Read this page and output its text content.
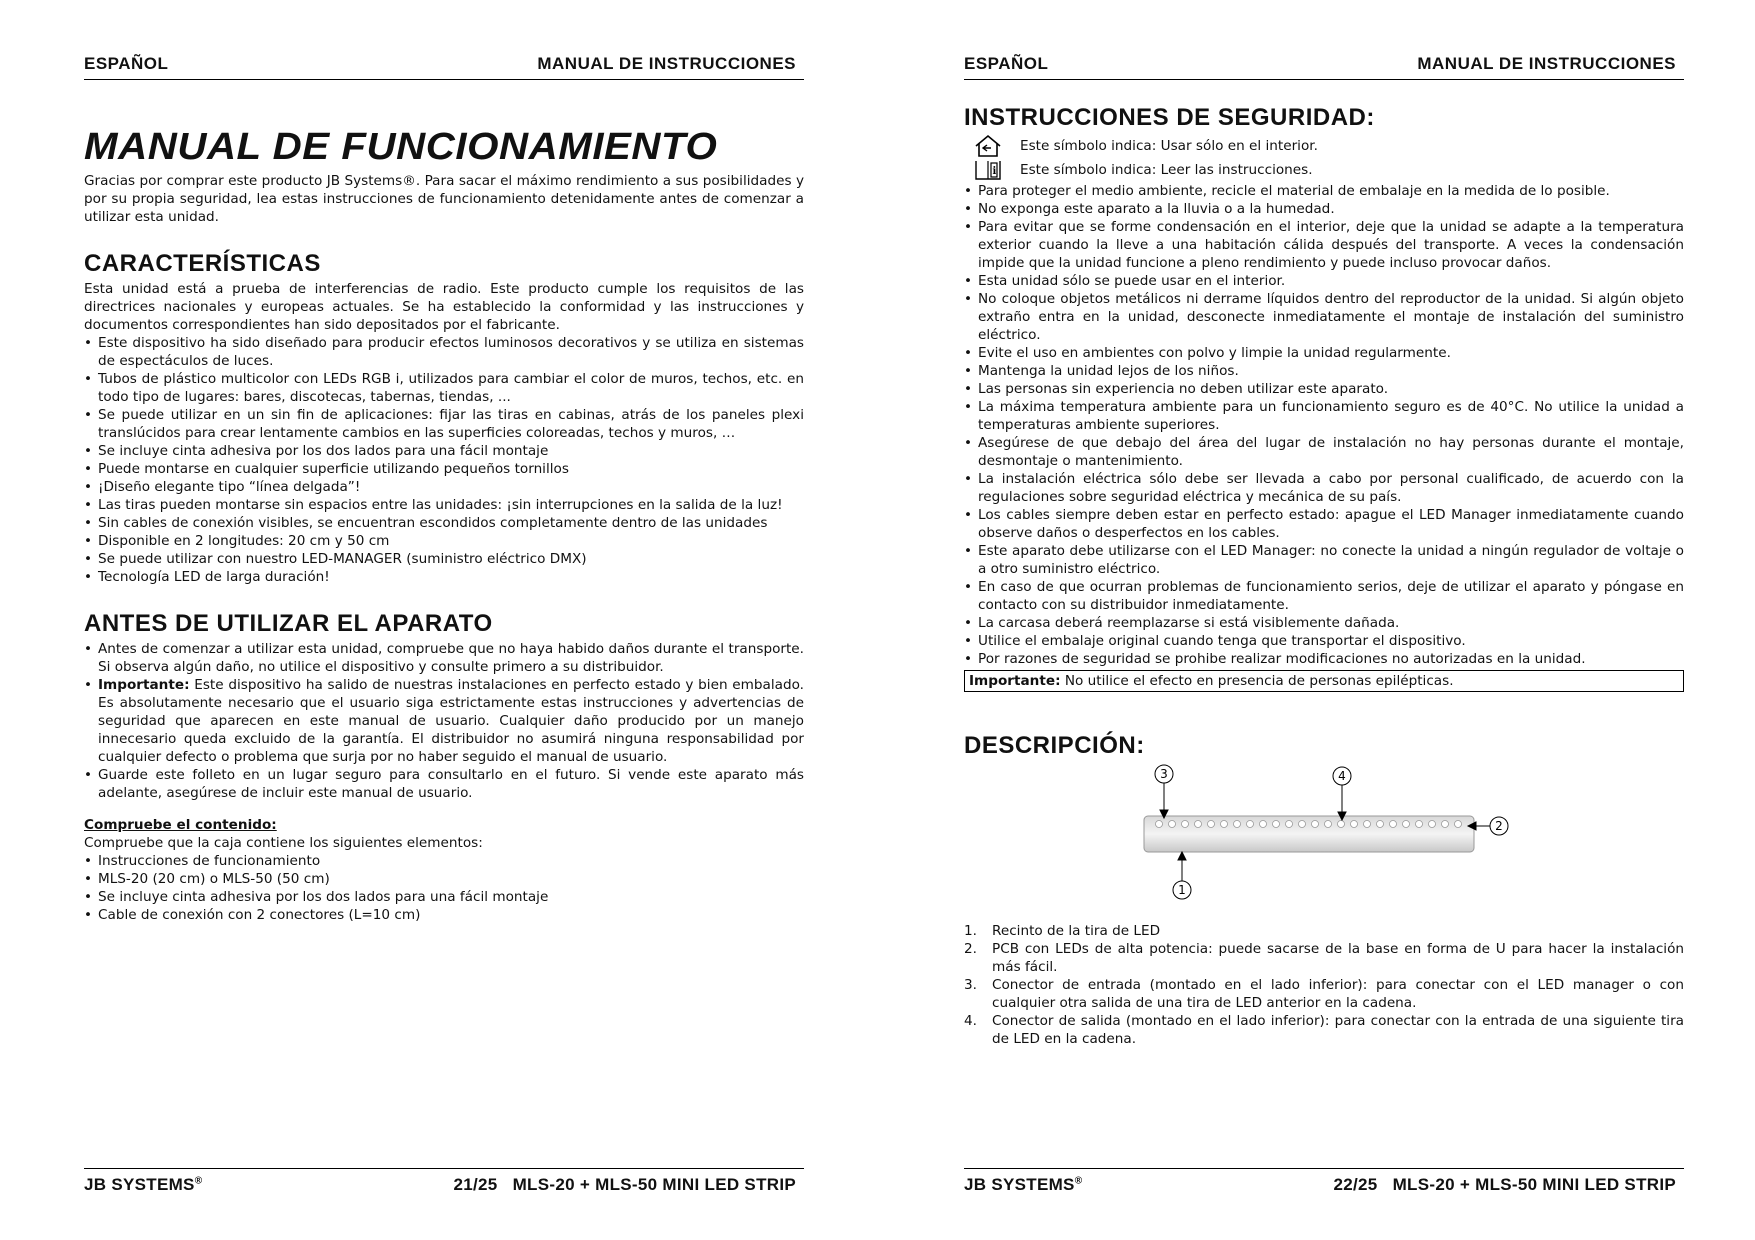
ESPAÑOL	MANUAL DE INSTRUCCIONES
MANUAL DE FUNCIONAMIENTO

Gracias por comprar este producto JB Systems®. Para sacar el máximo rendimiento a sus posibilidades y por su propia seguridad, lea estas instrucciones de funcionamiento detenidamente antes de comenzar a utilizar esta unidad.

CARACTERÍSTICAS

Esta unidad está a prueba de interferencias de radio. Este producto cumple los requisitos de las directrices nacionales y europeas actuales. Se ha establecido la conformidad y las instrucciones y documentos correspondientes han sido depositados por el fabricante.

• Este dispositivo ha sido diseñado para producir efectos luminosos decorativos y se utiliza en sistemas de espectáculos de luces.
• Tubos de plástico multicolor con LEDs RGB i, utilizados para cambiar el color de muros, techos, etc. en todo tipo de lugares: bares, discotecas, tabernas, tiendas, ...
• Se puede utilizar en un sin fin de aplicaciones: fijar las tiras en cabinas, atrás de los paneles plexi translúcidos para crear lentamente cambios en las superficies coloreadas, techos y muros, …
• Se incluye cinta adhesiva por los dos lados para una fácil montaje
• Puede montarse en cualquier superficie utilizando pequeños tornillos
• ¡Diseño elegante tipo “línea delgada”!
• Las tiras pueden montarse sin espacios entre las unidades: ¡sin interrupciones en la salida de la luz!
• Sin cables de conexión visibles, se encuentran escondidos completamente dentro de las unidades
• Disponible en 2 longitudes: 20 cm y 50 cm
• Se puede utilizar con nuestro LED-MANAGER (suministro eléctrico DMX)
• Tecnología LED de larga duración!
ANTES DE UTILIZAR EL APARATO
• Antes de comenzar a utilizar esta unidad, compruebe que no haya habido daños durante el transporte. Si observa algún daño, no utilice el dispositivo y consulte primero a su distribuidor.
• Importante: Este dispositivo ha salido de nuestras instalaciones en perfecto estado y bien embalado. Es absolutamente necesario que el usuario siga estrictamente estas instrucciones y advertencias de seguridad que aparecen en este manual de usuario. Cualquier daño producido por un manejo innecesario queda excluido de la garantía. El distribuidor no asumirá ninguna responsabilidad por cualquier defecto o problema que surja por no haber seguido el manual de usuario.
• Guarde este folleto en un lugar seguro para consultarlo en el futuro. Si vende este aparato más adelante, asegúrese de incluir este manual de usuario.
Compruebe el contenido:

Compruebe que la caja contiene los siguientes elementos:

• Instrucciones de funcionamiento
• MLS-20 (20 cm) o MLS-50 (50 cm)
• Se incluye cinta adhesiva por los dos lados para una fácil montaje
• Cable de conexión con 2 conectores (L=10 cm)
JB SYSTEMS®	21/25 MLS-20 + MLS-50 MINI LED STRIP
ESPAÑOL	MANUAL DE INSTRUCCIONES
INSTRUCCIONES DE SEGURIDAD:
Este símbolo indica: Usar sólo en el interior.
i Este símbolo indica: Leer las instrucciones.
• Para proteger el medio ambiente, recicle el material de embalaje en la medida de lo posible.
• No exponga este aparato a la lluvia o a la humedad.
• Para evitar que se forme condensación en el interior, deje que la unidad se adapte a la temperatura exterior cuando la lleve a una habitación cálida después del transporte. A veces la condensación impide que la unidad funcione a pleno rendimiento y puede incluso provocar daños.
• Esta unidad sólo se puede usar en el interior.
• No coloque objetos metálicos ni derrame líquidos dentro del reproductor de la unidad. Si algún objeto extraño entra en la unidad, desconecte inmediatamente el montaje de instalación del suministro eléctrico.
• Evite el uso en ambientes con polvo y limpie la unidad regularmente.
• Mantenga la unidad lejos de los niños.
• Las personas sin experiencia no deben utilizar este aparato.
• La máxima temperatura ambiente para un funcionamiento seguro es de 40°C. No utilice la unidad a temperaturas ambiente superiores.
• Asegúrese de que debajo del área del lugar de instalación no hay personas durante el montaje, desmontaje o mantenimiento.
• La instalación eléctrica sólo debe ser llevada a cabo por personal cualificado, de acuerdo con la regulaciones sobre seguridad eléctrica y mecánica de su país.
• Los cables siempre deben estar en perfecto estado: apague el LED Manager inmediatamente cuando observe daños o desperfectos en los cables.
• Este aparato debe utilizarse con el LED Manager: no conecte la unidad a ningún regulador de voltaje o a otro suministro eléctrico.
• En caso de que ocurran problemas de funcionamiento serios, deje de utilizar el aparato y póngase en contacto con su distribuidor inmediatamente.
• La carcasa deberá reemplazarse si está visiblemente dañada.
• Utilice el embalaje original cuando tenga que transportar el dispositivo.
• Por razones de seguridad se prohibe realizar modificaciones no autorizadas en la unidad.
Importante: No utilice el efecto en presencia de personas epilépticas.
DESCRIPCIÓN:
3	4
2
1
1. Recinto de la tira de LED
2. PCB con LEDs de alta potencia: puede sacarse de la base en forma de U para hacer la instalación más fácil.
3. Conector de entrada (montado en el lado inferior): para conectar con el LED manager o con cualquier otra salida de una tira de LED anterior en la cadena.
4. Conector de salida (montado en el lado inferior): para conectar con la entrada de una siguiente tira de LED en la cadena.
JB SYSTEMS®	22/25 MLS-20 + MLS-50 MINI LED STRIP
